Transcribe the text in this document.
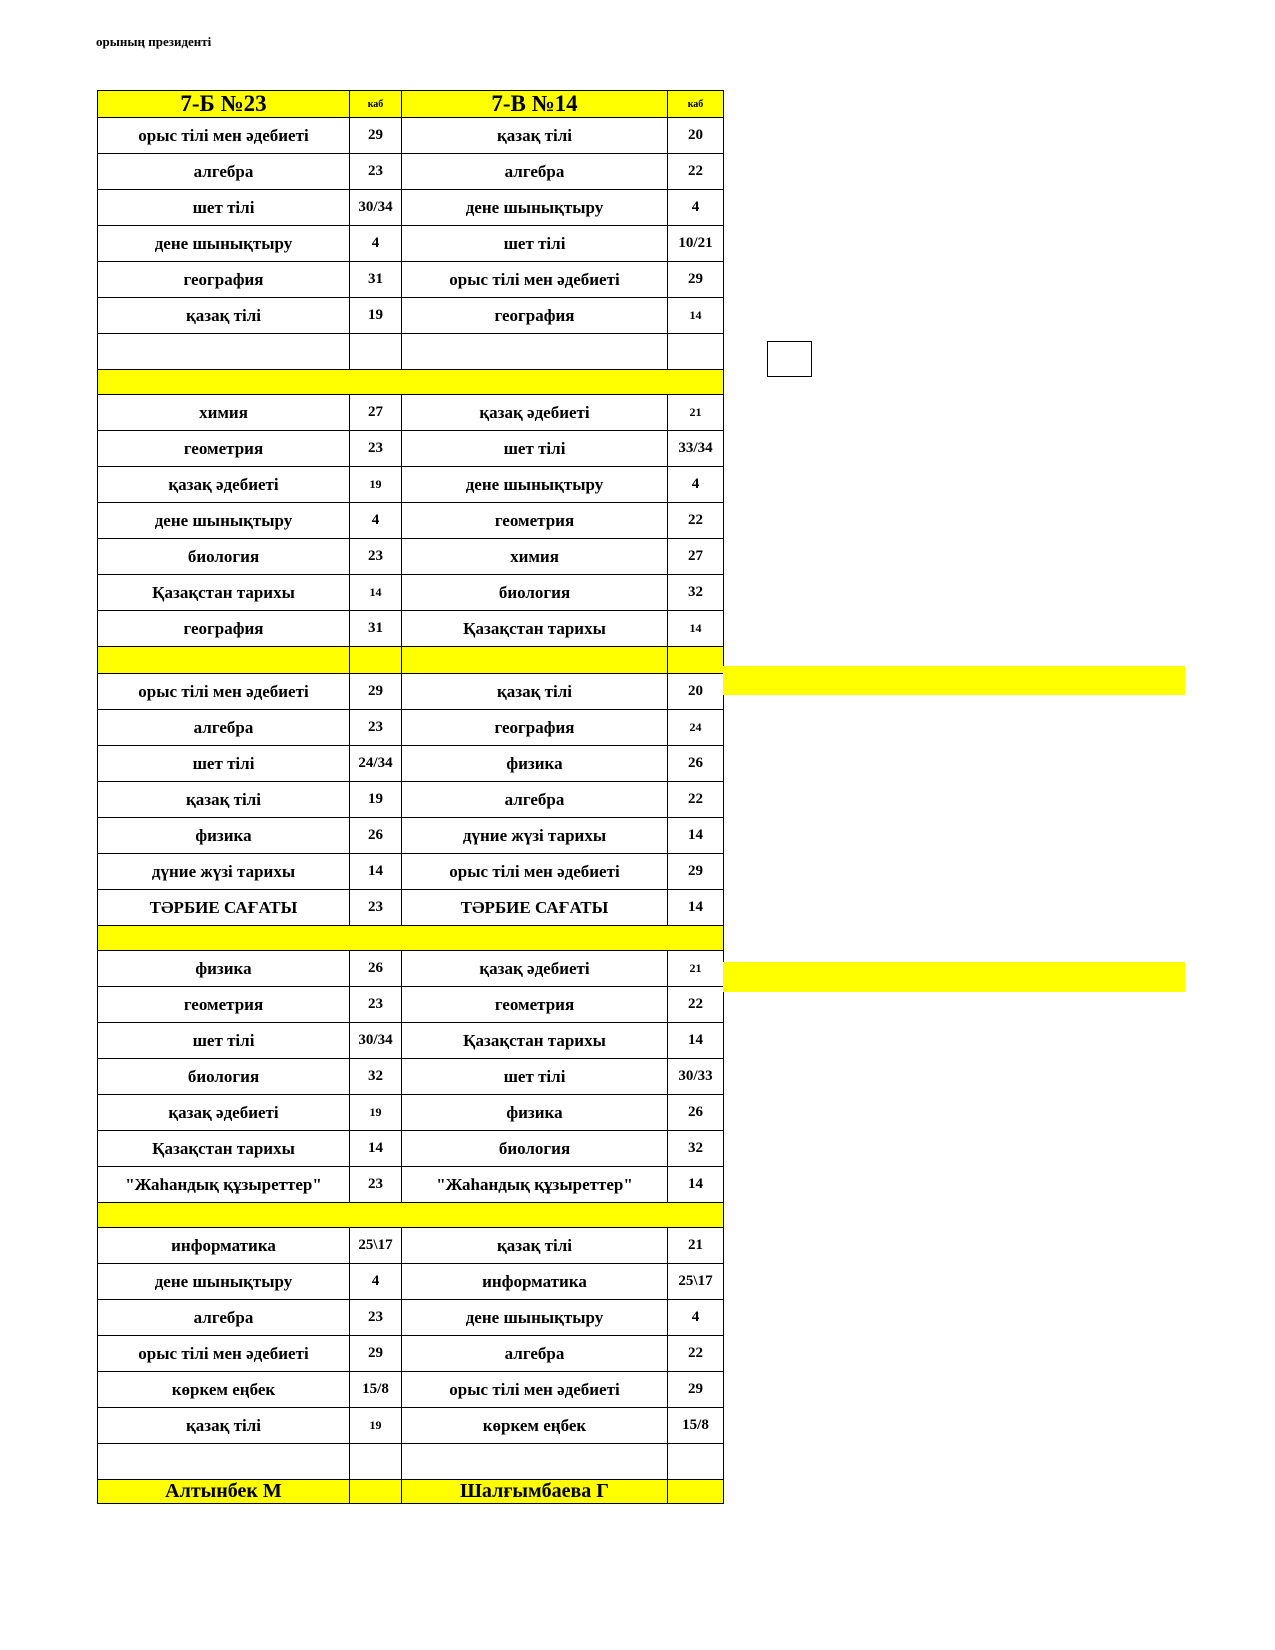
орының президенті
7-Б №23	каб	7-В №14	каб
орыс тілі мен әдебиеті	29	қазақ тілі	20
алгебра	23	алгебра	22
шет тілі	30/34	дене шынықтыру	4
дене шынықтыру	4	шет тілі	10/21
география	31	орыс тілі мен әдебиеті	29
қазақ тілі	19	география	14

химия	27	қазақ әдебиеті	21
геометрия	23	шет тілі	33/34
қазақ әдебиеті	19	дене шынықтыру	4
дене шынықтыру	4	геометрия	22
биология	23	химия	27
Қазақстан тарихы	14	биология	32
география	31	Қазақстан тарихы	14

орыс тілі мен әдебиеті	29	қазақ тілі	20
алгебра	23	география	24
шет тілі	24/34	физика	26
қазақ тілі	19	алгебра	22
физика	26	дүние жүзі тарихы	14
дүние жүзі тарихы	14	орыс тілі мен әдебиеті	29
ТӘРБИЕ САҒАТЫ	23	ТӘРБИЕ САҒАТЫ	14

физика	26	қазақ әдебиеті	21
геометрия	23	геометрия	22
шет тілі	30/34	Қазақстан тарихы	14
биология	32	шет тілі	30/33
қазақ әдебиеті	19	физика	26
Қазақстан тарихы	14	биология	32
"Жаһандық құзыреттер"	23	"Жаһандық құзыреттер"	14

информатика	25\17	қазақ тілі	21
дене шынықтыру	4	информатика	25\17
алгебра	23	дене шынықтыру	4
орыс тілі мен әдебиеті	29	алгебра	22
көркем еңбек	15/8	орыс тілі мен әдебиеті	29
қазақ тілі	19	көркем еңбек	15/8

Алтынбек М		Шалғымбаева Г	
